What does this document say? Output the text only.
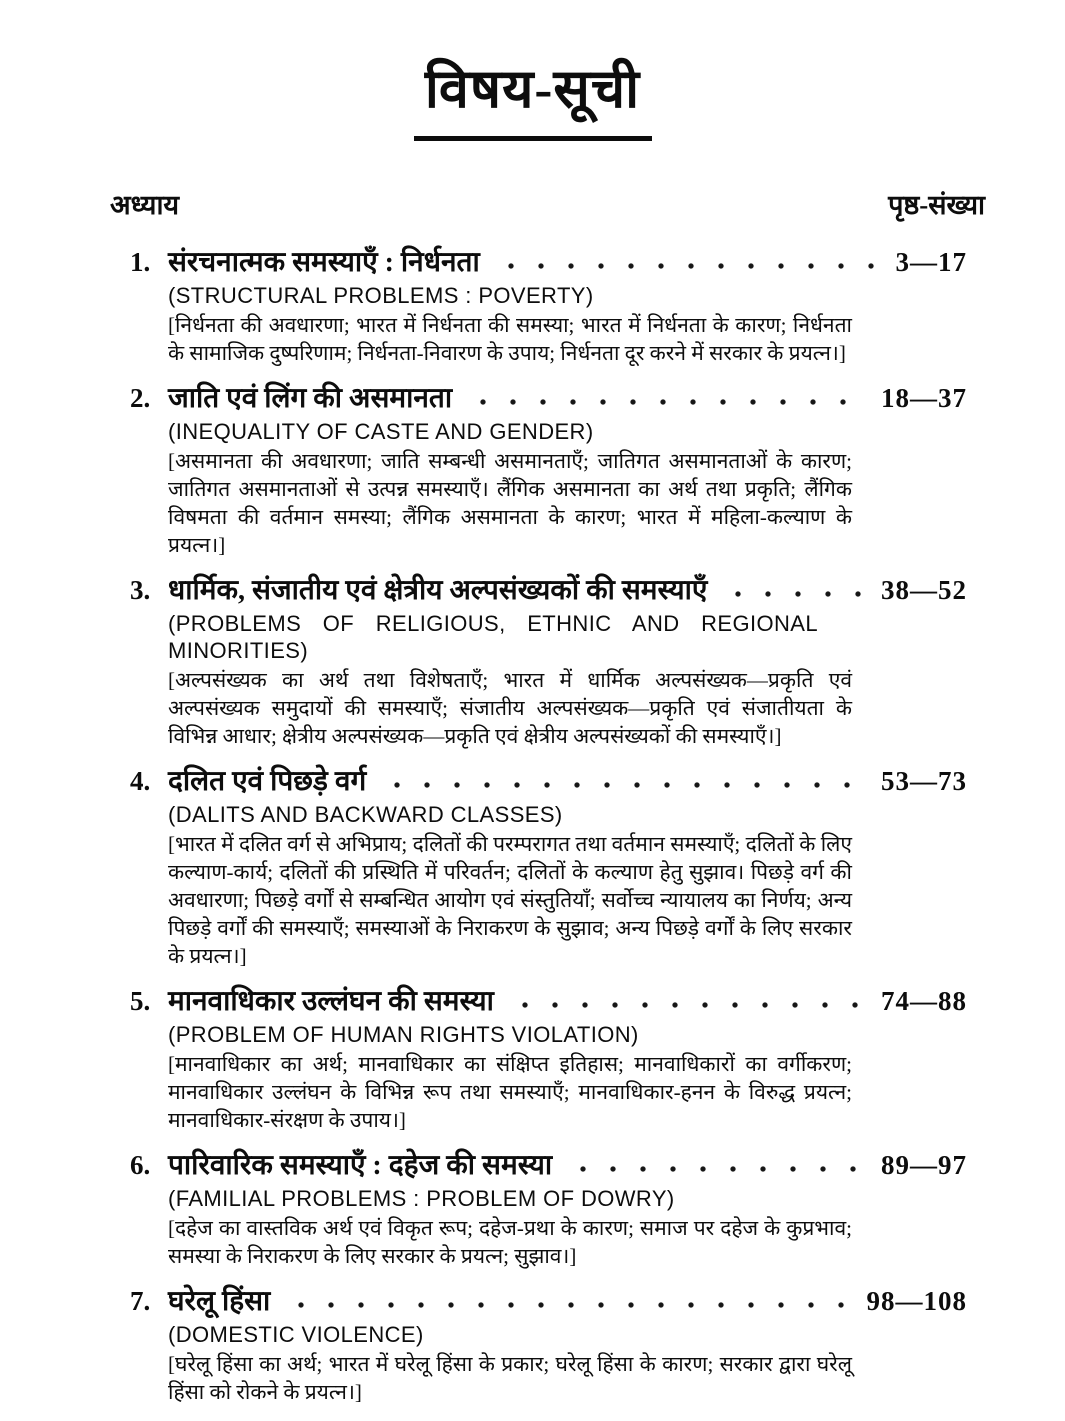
विषय-सूची
अध्याय	पृष्ठ-संख्या
1. संरचनात्मक समस्याएँ : निर्धनता	3—17
(STRUCTURAL PROBLEMS : POVERTY)
[निर्धनता की अवधारणा; भारत में निर्धनता की समस्या; भारत में निर्धनता के कारण; निर्धनता के सामाजिक दुष्परिणाम; निर्धनता-निवारण के उपाय; निर्धनता दूर करने में सरकार के प्रयत्न।]
2. जाति एवं लिंग की असमानता	18—37
(INEQUALITY OF CASTE AND GENDER)
[असमानता की अवधारणा; जाति सम्बन्धी असमानताएँ; जातिगत असमानताओं के कारण; जातिगत असमानताओं से उत्पन्न समस्याएँ। लैंगिक असमानता का अर्थ तथा प्रकृति; लैंगिक विषमता की वर्तमान समस्या; लैंगिक असमानता के कारण; भारत में महिला-कल्याण के प्रयत्न।]
3. धार्मिक, संजातीय एवं क्षेत्रीय अल्पसंख्यकों की समस्याएँ	38—52
(PROBLEMS OF RELIGIOUS, ETHNIC AND REGIONAL MINORITIES)
[अल्पसंख्यक का अर्थ तथा विशेषताएँ; भारत में धार्मिक अल्पसंख्यक—प्रकृति एवं अल्पसंख्यक समुदायों की समस्याएँ; संजातीय अल्पसंख्यक—प्रकृति एवं संजातीयता के विभिन्न आधार; क्षेत्रीय अल्पसंख्यक—प्रकृति एवं क्षेत्रीय अल्पसंख्यकों की समस्याएँ।]
4. दलित एवं पिछड़े वर्ग	53—73
(DALITS AND BACKWARD CLASSES)
[भारत में दलित वर्ग से अभिप्राय; दलितों की परम्परागत तथा वर्तमान समस्याएँ; दलितों के लिए कल्याण-कार्य; दलितों की प्रस्थिति में परिवर्तन; दलितों के कल्याण हेतु सुझाव। पिछड़े वर्ग की अवधारणा; पिछड़े वर्गों से सम्बन्धित आयोग एवं संस्तुतियाँ; सर्वोच्च न्यायालय का निर्णय; अन्य पिछड़े वर्गों की समस्याएँ; समस्याओं के निराकरण के सुझाव; अन्य पिछड़े वर्गों के लिए सरकार के प्रयत्न।]
5. मानवाधिकार उल्लंघन की समस्या	74—88
(PROBLEM OF HUMAN RIGHTS VIOLATION)
[मानवाधिकार का अर्थ; मानवाधिकार का संक्षिप्त इतिहास; मानवाधिकारों का वर्गीकरण; मानवाधिकार उल्लंघन के विभिन्न रूप तथा समस्याएँ; मानवाधिकार-हनन के विरुद्ध प्रयत्न; मानवाधिकार-संरक्षण के उपाय।]
6. पारिवारिक समस्याएँ : दहेज की समस्या	89—97
(FAMILIAL PROBLEMS : PROBLEM OF DOWRY)
[दहेज का वास्तविक अर्थ एवं विकृत रूप; दहेज-प्रथा के कारण; समाज पर दहेज के कुप्रभाव; समस्या के निराकरण के लिए सरकार के प्रयत्न; सुझाव।]
7. घरेलू हिंसा	98—108
(DOMESTIC VIOLENCE)
[घरेलू हिंसा का अर्थ; भारत में घरेलू हिंसा के प्रकार; घरेलू हिंसा के कारण; सरकार द्वारा घरेलू हिंसा को रोकने के प्रयत्न।]
